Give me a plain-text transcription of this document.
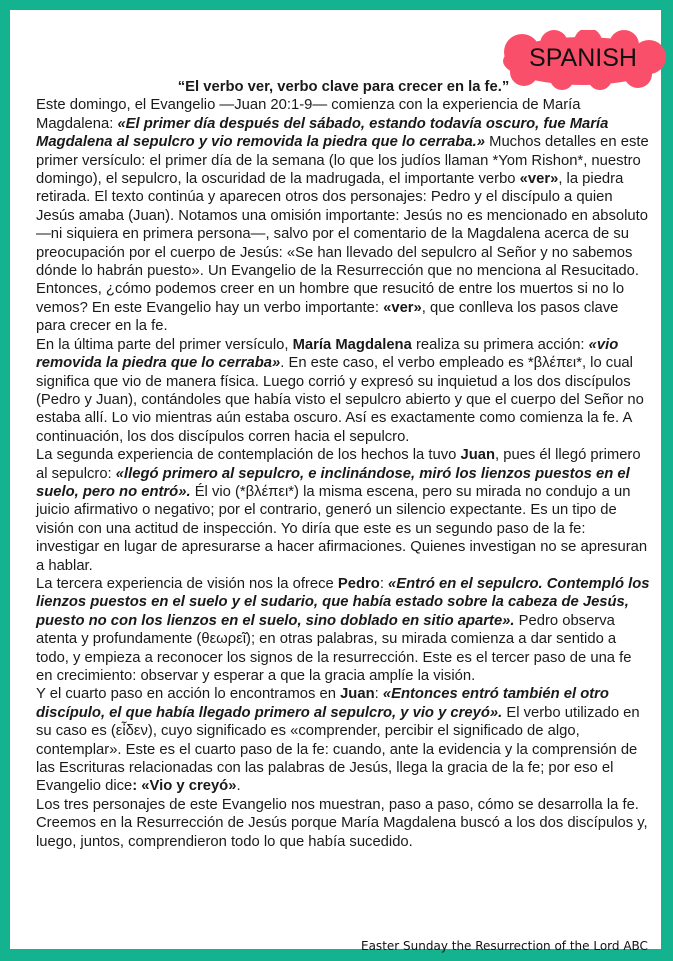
SPANISH

“El verbo ver, verbo clave para crecer en la fe.”

Este domingo, el Evangelio —Juan 20:1-9— comienza con la experiencia de María Magdalena: «El primer día después del sábado, estando todavía oscuro, fue María Magdalena al sepulcro y vio removida la piedra que lo cerraba.» Muchos detalles en este primer versículo: el primer día de la semana (lo que los judíos llaman *Yom Rishon*, nuestro domingo), el sepulcro, la oscuridad de la madrugada, el importante verbo «ver», la piedra retirada. El texto continúa y aparecen otros dos personajes: Pedro y el discípulo a quien Jesús amaba (Juan). Notamos una omisión importante: Jesús no es mencionado en absoluto —ni siquiera en primera persona—, salvo por el comentario de la Magdalena acerca de su preocupación por el cuerpo de Jesús: «Se han llevado del sepulcro al Señor y no sabemos dónde lo habrán puesto». Un Evangelio de la Resurrección que no menciona al Resucitado. Entonces, ¿cómo podemos creer en un hombre que resucitó de entre los muertos si no lo vemos? En este Evangelio hay un verbo importante: «ver», que conlleva los pasos clave para crecer en la fe.

En la última parte del primer versículo, María Magdalena realiza su primera acción: «vio removida la piedra que lo cerraba». En este caso, el verbo empleado es *βλέπει*, lo cual significa que vio de manera física. Luego corrió y expresó su inquietud a los dos discípulos (Pedro y Juan), contándoles que había visto el sepulcro abierto y que el cuerpo del Señor no estaba allí. Lo vio mientras aún estaba oscuro. Así es exactamente como comienza la fe. A continuación, los dos discípulos corren hacia el sepulcro.

La segunda experiencia de contemplación de los hechos la tuvo Juan, pues él llegó primero al sepulcro: «llegó primero al sepulcro, e inclinándose, miró los lienzos puestos en el suelo, pero no entró». Él vio (*βλέπει*) la misma escena, pero su mirada no condujo a un juicio afirmativo o negativo; por el contrario, generó un silencio expectante. Es un tipo de visión con una actitud de inspección. Yo diría que este es un segundo paso de la fe: investigar en lugar de apresurarse a hacer afirmaciones. Quienes investigan no se apresuran a hablar.

La tercera experiencia de visión nos la ofrece Pedro: «Entró en el sepulcro. Contempló los lienzos puestos en el suelo y el sudario, que había estado sobre la cabeza de Jesús, puesto no con los lienzos en el suelo, sino doblado en sitio aparte». Pedro observa atenta y profundamente (θεωρεῖ); en otras palabras, su mirada comienza a dar sentido a todo, y empieza a reconocer los signos de la resurrección. Este es el tercer paso de una fe en crecimiento: observar y esperar a que la gracia amplíe la visión.

Y el cuarto paso en acción lo encontramos en Juan: «Entonces entró también el otro discípulo, el que había llegado primero al sepulcro, y vio y creyó». El verbo utilizado en su caso es (εἶδεν), cuyo significado es «comprender, percibir el significado de algo, contemplar». Este es el cuarto paso de la fe: cuando, ante la evidencia y la comprensión de las Escrituras relacionadas con las palabras de Jesús, llega la gracia de la fe; por eso el Evangelio dice: «Vio y creyó».

Los tres personajes de este Evangelio nos muestran, paso a paso, cómo se desarrolla la fe. Creemos en la Resurrección de Jesús porque María Magdalena buscó a los dos discípulos y, luego, juntos, comprendieron todo lo que había sucedido.

Easter Sunday the Resurrection of the Lord ABC
